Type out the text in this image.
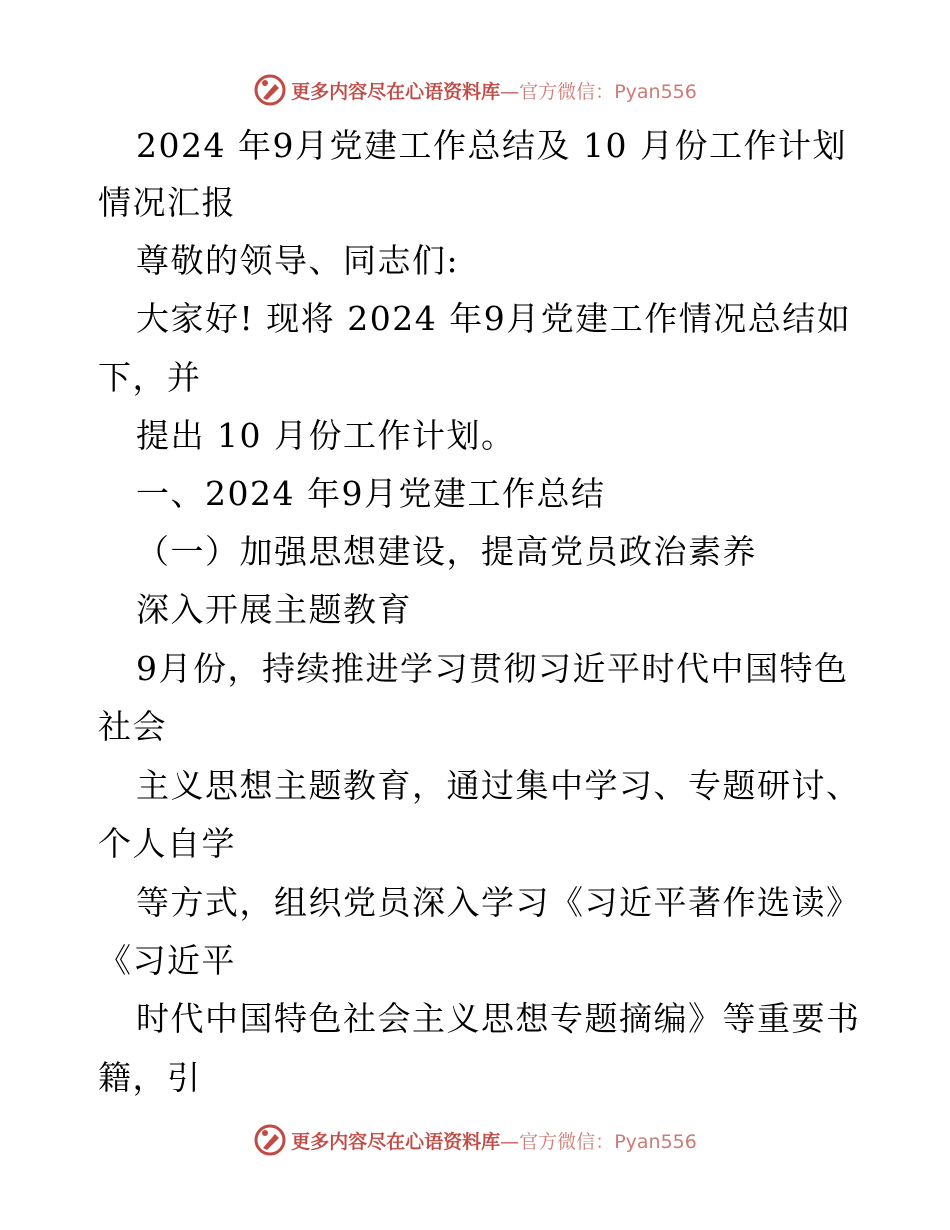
更多内容尽在心语资料库—官方微信：Pyan556
2024 年9月党建工作总结及 10 月份工作计划
情况汇报
尊敬的领导、同志们:
大家好! 现将 2024 年9月党建工作情况总结如
下，并
提出 10 月份工作计划。
一、2024 年9月党建工作总结
（一）加强思想建设，提高党员政治素养
深入开展主题教育
9月份，持续推进学习贯彻习近平时代中国特色
社会
主义思想主题教育，通过集中学习、专题研讨、
个人自学
等方式，组织党员深入学习《习近平著作选读》
《习近平
时代中国特色社会主义思想专题摘编》等重要书
籍，引
更多内容尽在心语资料库—官方微信：Pyan556
